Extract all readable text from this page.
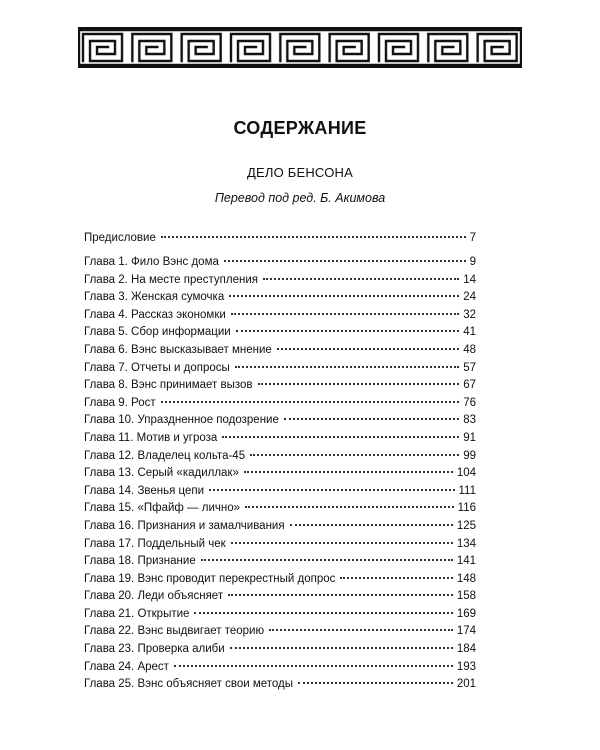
СОДЕРЖАНИЕ
ДЕЛО БЕНСОНА
Перевод под ред. Б. Акимова
Предисловие	7
Глава 1. Фило Вэнс дома	9
Глава 2. На месте преступления	14
Глава 3. Женская сумочка	24
Глава 4. Рассказ экономки	32
Глава 5. Сбор информации	41
Глава 6. Вэнс высказывает мнение	48
Глава 7. Отчеты и допросы	57
Глава 8. Вэнс принимает вызов	67
Глава 9. Рост	76
Глава 10. Упраздненное подозрение	83
Глава 11. Мотив и угроза	91
Глава 12. Владелец кольта-45	99
Глава 13. Серый «кадиллак»	104
Глава 14. Звенья цепи	111
Глава 15. «Пфайф — лично»	116
Глава 16. Признания и замалчивания	125
Глава 17. Поддельный чек	134
Глава 18. Признание	141
Глава 19. Вэнс проводит перекрестный допрос	148
Глава 20. Леди объясняет	158
Глава 21. Открытие	169
Глава 22. Вэнс выдвигает теорию	174
Глава 23. Проверка алиби	184
Глава 24. Арест	193
Глава 25. Вэнс объясняет свои методы	201
